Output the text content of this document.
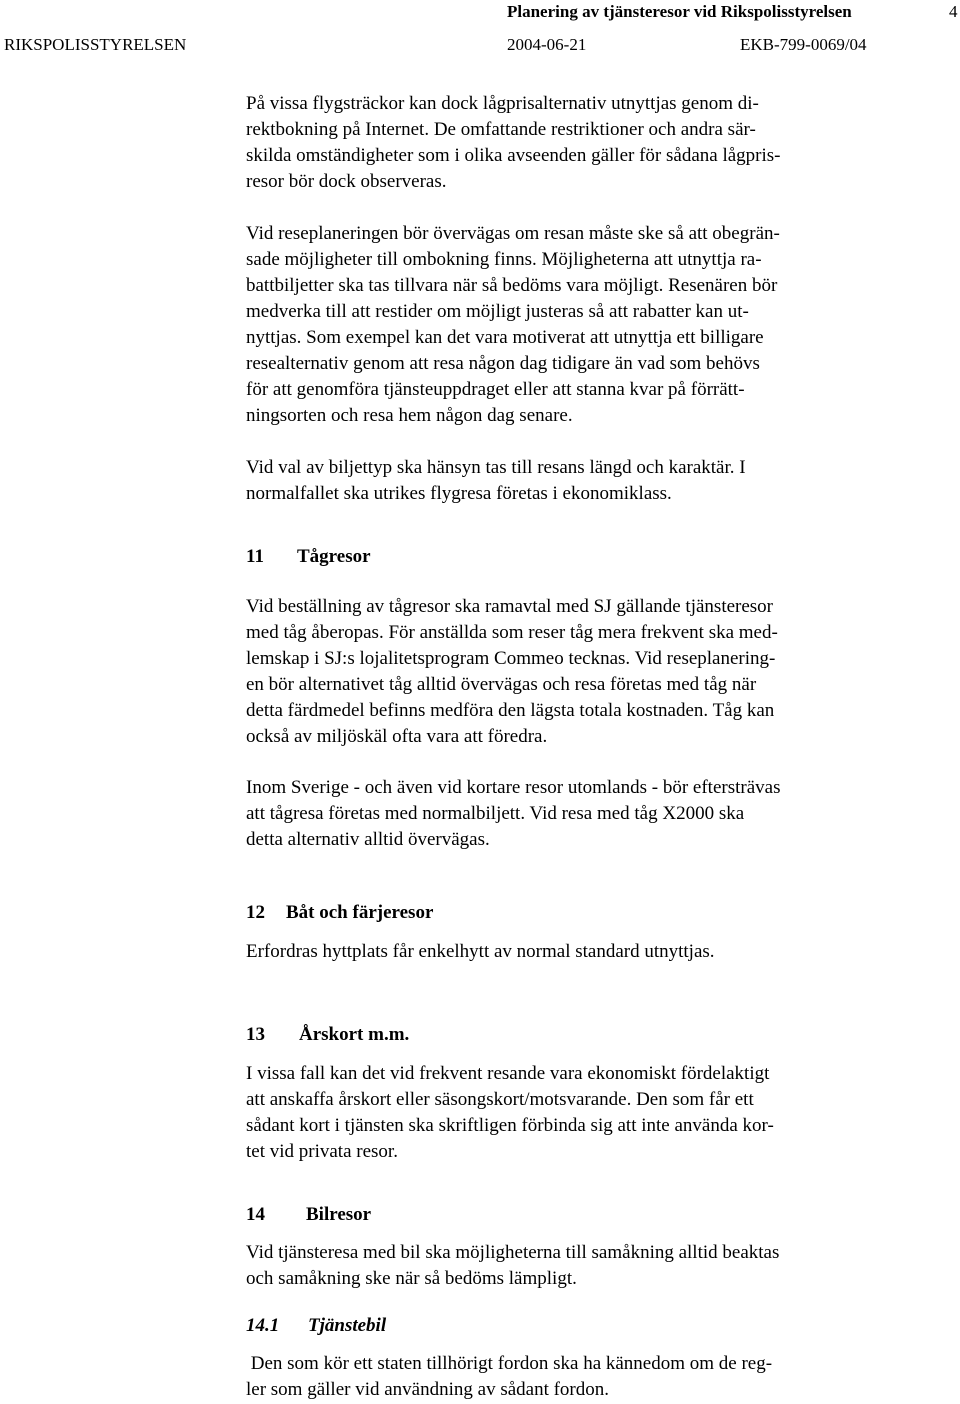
Planering av tjänsteresor vid Rikspolisstyrelsen	4
RIKSPOLISSTYRELSEN	2004-06-21	EKB-799-0069/04
På vissa flygsträckor kan dock lågprisalternativ utnyttjas genom di-
rektbokning på Internet. De omfattande restriktioner och andra sär-
skilda omständigheter som i olika avseenden gäller för sådana lågpris-
resor bör dock observeras.
Vid reseplaneringen bör övervägas om resan måste ske så att obegrän-
sade möjligheter till ombokning finns. Möjligheterna att utnyttja ra-
battbiljetter ska tas tillvara när så bedöms vara möjligt. Resenären bör
medverka till att restider om möjligt justeras så att rabatter kan ut-
nyttjas. Som exempel kan det vara motiverat att utnyttja ett billigare
resealternativ genom att resa någon dag tidigare än vad som behövs
för att genomföra tjänsteuppdraget eller att stanna kvar på förrätt-
ningsorten och resa hem någon dag senare.
Vid val av biljettyp ska hänsyn tas till resans längd och karaktär. I
normalfallet ska utrikes flygresa företas i ekonomiklass.
11 Tågresor
Vid beställning av tågresor ska ramavtal med SJ gällande tjänsteresor
med tåg åberopas. För anställda som reser tåg mera frekvent ska med-
lemskap i SJ:s lojalitetsprogram Commeo tecknas. Vid reseplanering-
en bör alternativet tåg alltid övervägas och resa företas med tåg när
detta färdmedel befinns medföra den lägsta totala kostnaden. Tåg kan
också av miljöskäl ofta vara att föredra.
Inom Sverige - och även vid kortare resor utomlands - bör eftersträvas
att tågresa företas med normalbiljett. Vid resa med tåg X2000 ska
detta alternativ alltid övervägas.
12 Båt och färjeresor
Erfordras hyttplats får enkelhytt av normal standard utnyttjas.
13 Årskort m.m.
I vissa fall kan det vid frekvent resande vara ekonomiskt fördelaktigt
att anskaffa årskort eller säsongskort/motsvarande. Den som får ett
sådant kort i tjänsten ska skriftligen förbinda sig att inte använda kor-
tet vid privata resor.
14 Bilresor
Vid tjänsteresa med bil ska möjligheterna till samåkning alltid beaktas
och samåkning ske när så bedöms lämpligt.
14.1 Tjänstebil
Den som kör ett staten tillhörigt fordon ska ha kännedom om de reg-
ler som gäller vid användning av sådant fordon.
